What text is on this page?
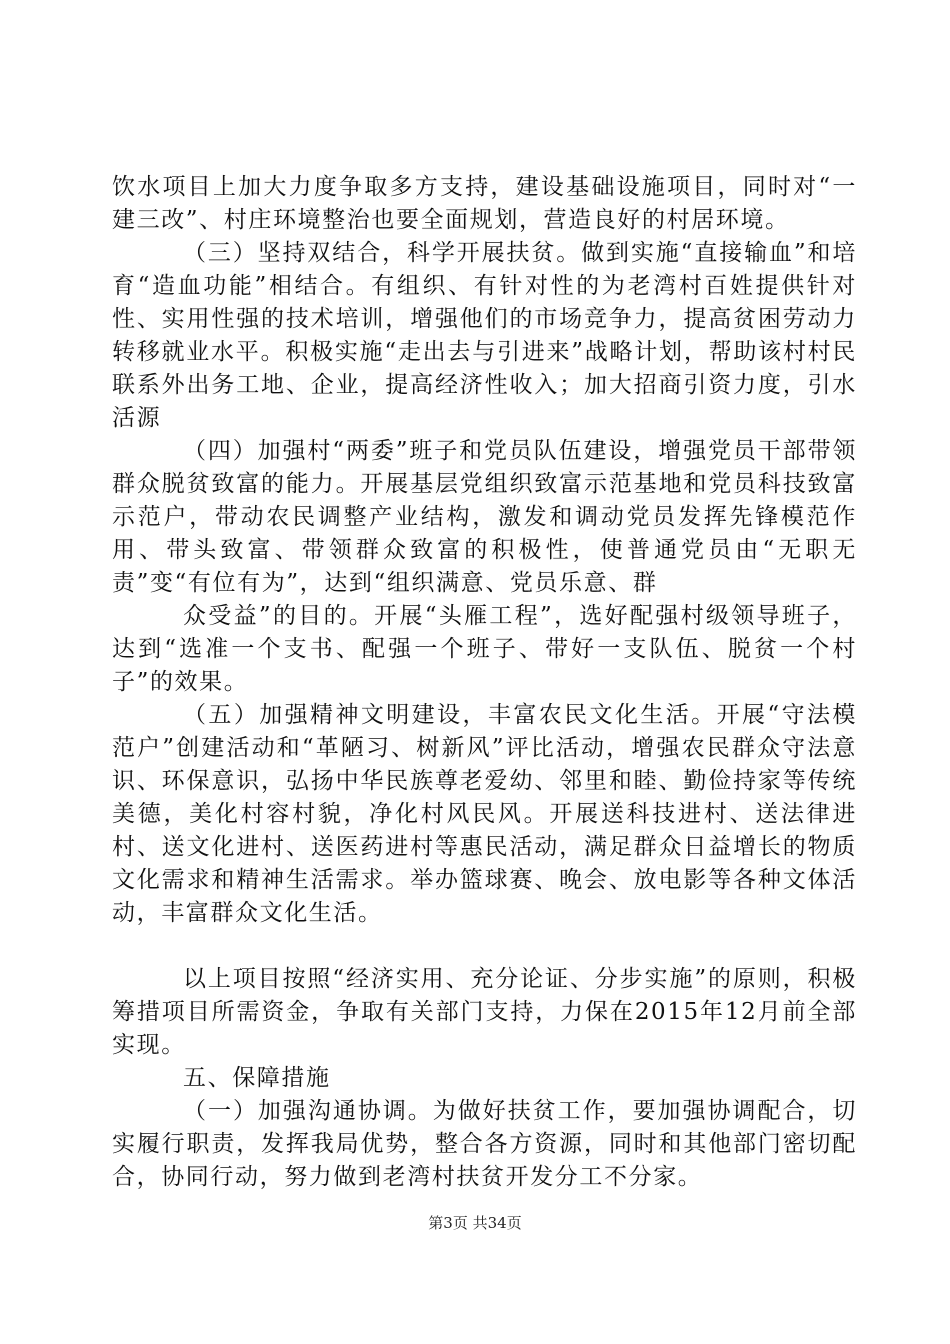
饮水项目上加大力度争取多方支持，建设基础设施项目，同时对“一建三改”、村庄环境整治也要全面规划，营造良好的村居环境。

（三）坚持双结合，科学开展扶贫。做到实施“直接输血”和培育“造血功能”相结合。有组织、有针对性的为老湾村百姓提供针对性、实用性强的技术培训，增强他们的市场竞争力，提高贫困劳动力转移就业水平。积极实施“走出去与引进来”战略计划，帮助该村村民联系外出务工地、企业，提高经济性收入；加大招商引资力度，引水活源

（四）加强村“两委”班子和党员队伍建设，增强党员干部带领群众脱贫致富的能力。开展基层党组织致富示范基地和党员科技致富示范户，带动农民调整产业结构，激发和调动党员发挥先锋模范作用、带头致富、带领群众致富的积极性，使普通党员由“无职无责”变“有位有为”，达到“组织满意、党员乐意、群

众受益”的目的。开展“头雁工程”，选好配强村级领导班子，达到“选准一个支书、配强一个班子、带好一支队伍、脱贫一个村子”的效果。

（五）加强精神文明建设，丰富农民文化生活。开展“守法模范户”创建活动和“革陋习、树新风”评比活动，增强农民群众守法意识、环保意识，弘扬中华民族尊老爱幼、邻里和睦、勤俭持家等传统美德，美化村容村貌，净化村风民风。开展送科技进村、送法律进村、送文化进村、送医药进村等惠民活动，满足群众日益增长的物质文化需求和精神生活需求。举办篮球赛、晚会、放电影等各种文体活动，丰富群众文化生活。

以上项目按照“经济实用、充分论证、分步实施”的原则，积极筹措项目所需资金，争取有关部门支持，力保在2015年12月前全部实现。

五、保障措施

（一）加强沟通协调。为做好扶贫工作，要加强协调配合，切实履行职责，发挥我局优势，整合各方资源，同时和其他部门密切配合，协同行动，努力做到老湾村扶贫开发分工不分家。

第3页 共34页
